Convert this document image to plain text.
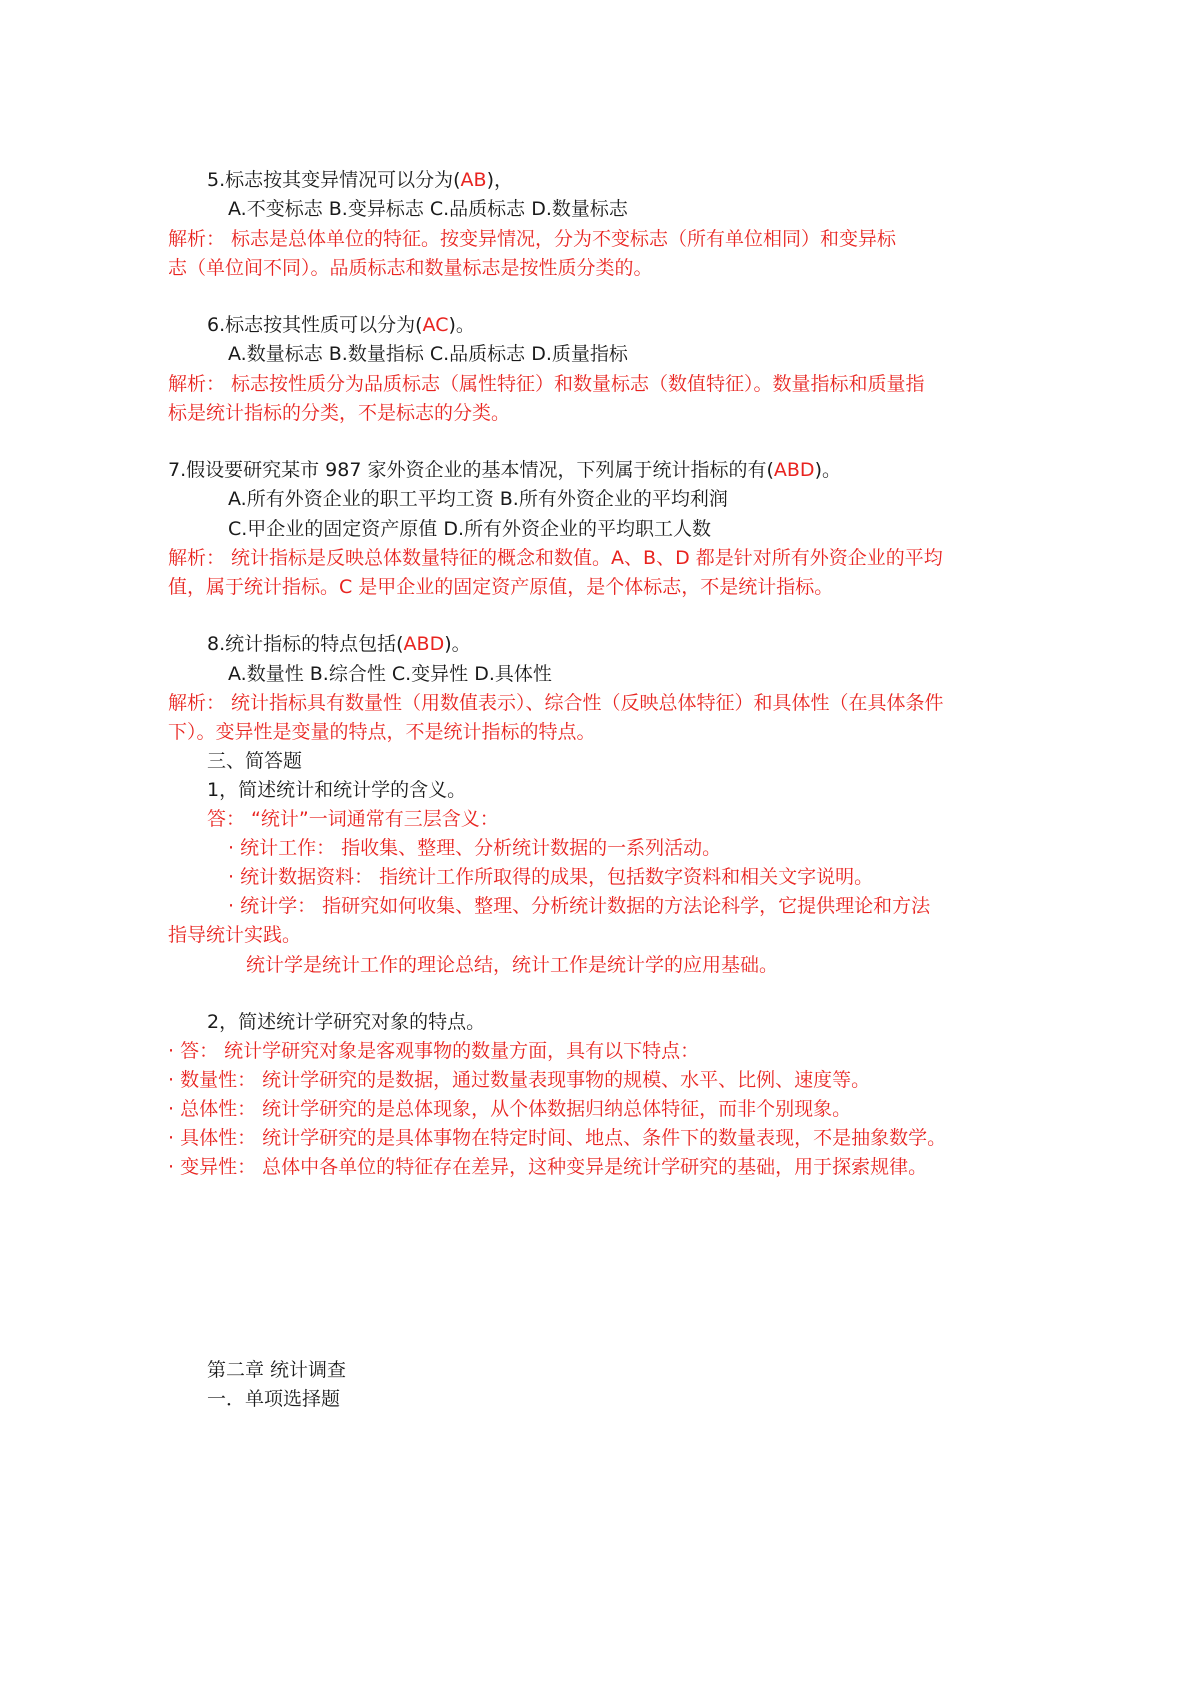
5.标志按其变异情况可以分为(AB)，
A.不变标志 B.变异标志 C.品质标志 D.数量标志
解析： 标志是总体单位的特征。按变异情况，分为不变标志（所有单位相同）和变异标
志（单位间不同）。品质标志和数量标志是按性质分类的。
6.标志按其性质可以分为(AC)。
A.数量标志 B.数量指标 C.品质标志 D.质量指标
解析： 标志按性质分为品质标志（属性特征）和数量标志（数值特征）。数量指标和质量指
标是统计指标的分类，不是标志的分类。
7.假设要研究某市 987 家外资企业的基本情况，下列属于统计指标的有(ABD)。
A.所有外资企业的职工平均工资 B.所有外资企业的平均利润
C.甲企业的固定资产原值 D.所有外资企业的平均职工人数
解析： 统计指标是反映总体数量特征的概念和数值。A、B、D 都是针对所有外资企业的平均
值，属于统计指标。C 是甲企业的固定资产原值，是个体标志，不是统计指标。
8.统计指标的特点包括(ABD)。
A.数量性 B.综合性 C.变异性 D.具体性
解析： 统计指标具有数量性（用数值表示）、综合性（反映总体特征）和具体性（在具体条件
下）。变异性是变量的特点，不是统计指标的特点。
三、简答题
1，简述统计和统计学的含义。
答： “统计”一词通常有三层含义：
· 统计工作： 指收集、整理、分析统计数据的一系列活动。
· 统计数据资料： 指统计工作所取得的成果，包括数字资料和相关文字说明。
· 统计学： 指研究如何收集、整理、分析统计数据的方法论科学，它提供理论和方法
指导统计实践。
统计学是统计工作的理论总结，统计工作是统计学的应用基础。
2，简述统计学研究对象的特点。
· 答： 统计学研究对象是客观事物的数量方面，具有以下特点：
· 数量性： 统计学研究的是数据，通过数量表现事物的规模、水平、比例、速度等。
· 总体性： 统计学研究的是总体现象，从个体数据归纳总体特征，而非个别现象。
· 具体性： 统计学研究的是具体事物在特定时间、地点、条件下的数量表现，不是抽象数学。
· 变异性： 总体中各单位的特征存在差异，这种变异是统计学研究的基础，用于探索规律。
第二章 统计调查
一．单项选择题
